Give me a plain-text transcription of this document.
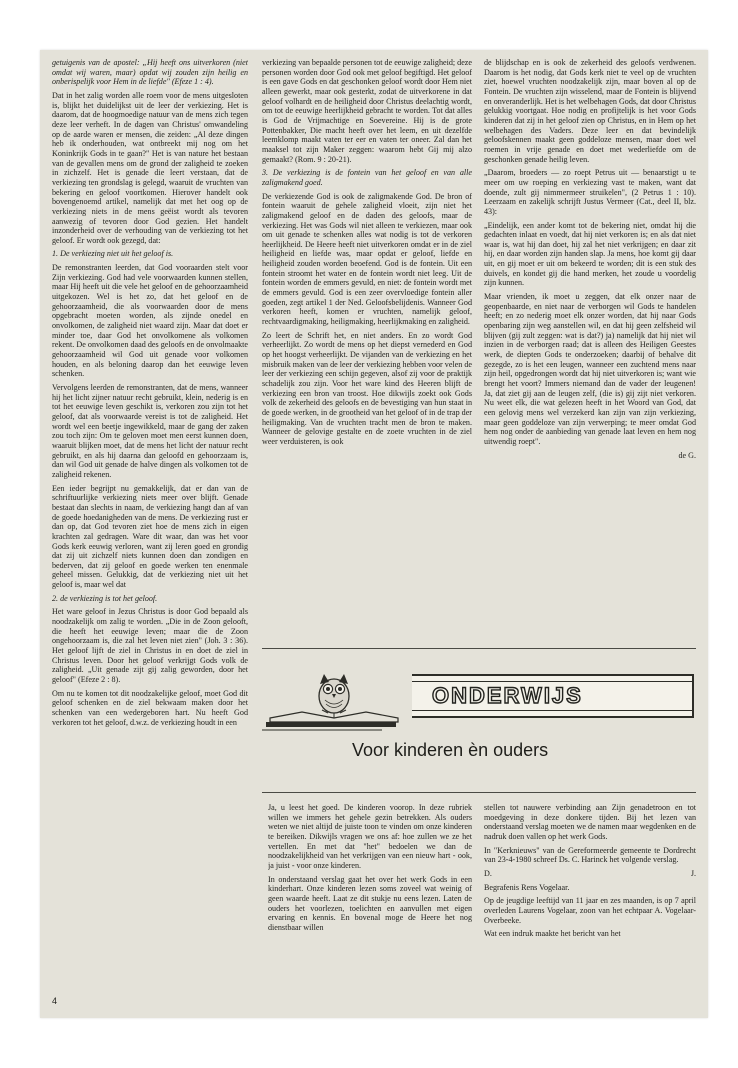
getuigenis van de apostel: „Hij heeft ons uitverkoren (niet omdat wij waren, maar) opdat wij zouden zijn heilig en onberispelijk voor Hem in de liefde" (Efeze 1 : 4).

Dat in het zalig worden alle roem voor de mens uitgesloten is, blijkt het duidelijkst uit de leer der verkiezing. Het is daarom, dat de hoogmoedige natuur van de mens zich tegen deze leer verheft. In de dagen van Christus' omwandeling op de aarde waren er mensen, die zeiden: „Al deze dingen heb ik onderhouden, wat ontbreekt mij nog om het Koninkrijk Gods in te gaan?" Het is van nature het bestaan van de gevallen mens om de grond der zaligheid te zoeken in zichzelf. Het is genade die leert verstaan, dat de verkiezing ten grondslag is gelegd, waaruit de vruchten van bekering en geloof voortkomen. Hierover handelt ook bovengenoemd artikel, namelijk dat met het oog op de verkiezing niets in de mens geëist wordt als tevoren aanwezig of tevoren door God gezien. Het handelt inzonderheid over de verhouding van de verkiezing tot het geloof. Er wordt ook gezegd, dat:

1. De verkiezing niet uit het geloof is.

De remonstranten leerden, dat God vooraarden stelt voor Zijn verkiezing. God had vele voorwaarden kunnen stellen, maar Hij heeft uit die vele het geloof en de gehoorzaamheid uitgekozen. Wel is het zo, dat het geloof en de gehoorzaamheid, die als voorwaarden door de mens opgebracht moeten worden, als zijnde onedel en onvolkomen, de zaligheid niet waard zijn. Maar dat doet er minder toe, daar God het onvolkomene als volkomen rekent. De onvolkomen daad des geloofs en de onvolmaakte gehoorzaamheid wil God uit genade voor volkomen houden, en als beloning daarop dan het eeuwige leven schenken.

Vervolgens leerden de remonstranten, dat de mens, wanneer hij het licht zijner natuur recht gebruikt, klein, nederig is en tot het eeuwige leven geschikt is, verkoren zou zijn tot het geloof, dat als voorwaarde vereist is tot de zaligheid. Het wordt wel een beetje ingewikkeld, maar de gang der zaken zou toch zijn: Om te geloven moet men eerst kunnen doen, waaruit blijken moet, dat de mens het licht der natuur recht gebruikt, en als hij daarna dan geloofd en gehoorzaam is, dan wil God uit genade de halve dingen als volkomen tot de zaligheid rekenen.

Een ieder begrijpt nu gemakkelijk, dat er dan van de schriftuurlijke verkiezing niets meer over blijft. Genade bestaat dan slechts in naam, de verkiezing hangt dan af van de goede hoedanigheden van de mens. De verkiezing rust er dan op, dat God tevoren ziet hoe de mens zich in eigen krachten zal gedragen. Ware dit waar, dan was het voor Gods kerk eeuwig verloren, want zij leren goed en grondig dat zij uit zichzelf niets kunnen doen dan zondigen en bederven, dat zij geloof en goede werken ten enenmale geheel missen. Gelukkig, dat de verkiezing niet uit het geloof is, maar wel dat

2. de verkiezing is tot het geloof.

Het ware geloof in Jezus Christus is door God bepaald als noodzakelijk om zalig te worden. „Die in de Zoon gelooft, die heeft het eeuwige leven; maar die de Zoon ongehoorzaam is, die zal het leven niet zien" (Joh. 3 : 36). Het geloof lijft de ziel in Christus in en doet de ziel in Christus leven. Door het geloof verkrijgt Gods volk de zaligheid. „Uit genade zijt gij zalig geworden, door het geloof" (Efeze 2 : 8).

Om nu te komen tot dit noodzakelijke geloof, moet God dit geloof schenken en de ziel bekwaam maken door het schenken van een wedergeboren hart. Nu heeft God verkoren tot het geloof, d.w.z. de verkiezing houdt in een

verkiezing van bepaalde personen tot de eeuwige zaligheid; deze personen worden door God ook met geloof begiftigd. Het geloof is een gave Gods en dat geschonken geloof wordt door Hem niet alleen gewerkt, maar ook gesterkt, zodat de uitverkorene in dat geloof volhardt en de heiligheid door Christus deelachtig wordt, om tot de eeuwige heerlijkheid gebracht te worden. Tot dat alles is God de Vrijmachtige en Soevereine. Hij is de grote Pottenbakker, Die macht heeft over het leem, en uit dezelfde leemklomp maakt vaten ter eer en vaten ter oneer. Zal dan het maaksel tot zijn Maker zeggen: waarom hebt Gij mij alzo gemaakt? (Rom. 9 : 20-21).

3. De verkiezing is de fontein van het geloof en van alle zaligmakend goed.

De verkiezende God is ook de zaligmakende God. De bron of fontein waaruit de gehele zaligheid vloeit, zijn niet het zaligmakend geloof en de daden des geloofs, maar de verkiezing. Het was Gods wil niet alleen te verkiezen, maar ook om uit genade te schenken alles wat nodig is tot de verkoren heerlijkheid. De Heere heeft niet uitverkoren omdat er in de ziel heiligheid en liefde was, maar opdat er geloof, liefde en heiligheid zouden worden beoefend. God is de fontein. Uit een fontein stroomt het water en de fontein wordt niet leeg. Uit de fontein worden de emmers gevuld, en niet: de fontein wordt met de emmers gevuld. God is een zeer overvloedige fontein aller goeden, zegt artikel 1 der Ned. Geloofsbelijdenis. Wanneer God verkoren heeft, komen er vruchten, namelijk geloof, rechtvaardigmaking, heiligmaking, heerlijkmaking en zaligheid.

Zo leert de Schrift het, en niet anders. En zo wordt God verheerlijkt. Zo wordt de mens op het diepst vernederd en God op het hoogst verheerlijkt. De vijanden van de verkiezing en het misbruik maken van de leer der verkiezing hebben voor velen de leer der verkiezing een schijn gegeven, alsof zij voor de praktijk schadelijk zou zijn. Voor het ware kind des Heeren blijft de verkiezing een bron van troost. Hoe dikwijls zoekt ook Gods volk de zekerheid des geloofs en de bevestiging van hun staat in de goede werken, in de grootheid van het geloof of in de trap der heiligmaking. Van de vruchten tracht men de bron te maken. Wanneer de gelovige gestalte en de zoete vruchten in de ziel weer verduisteren, is ook

de blijdschap en is ook de zekerheid des geloofs verdwenen. Daarom is het nodig, dat Gods kerk niet te veel op de vruchten ziet, hoewel vruchten noodzakelijk zijn, maar boven al op de Fontein. De vruchten zijn wisselend, maar de Fontein is blijvend en onveranderlijk. Het is het welbehagen Gods, dat door Christus gelukkig voortgaat. Hoe nodig en profijtelijk is het voor Gods kinderen dat zij in het geloof zien op Christus, en in Hem op het welbehagen des Vaders. Deze leer en dat bevindelijk geloofskennen maakt geen goddeloze mensen, maar doet wel roemen in vrije genade en doet met wederliefde om de geschonken genade heilig leven.

„Daarom, broeders — zo roept Petrus uit — benaarstigt u te meer om uw roeping en verkiezing vast te maken, want dat doende, zult gij nimmermeer struikelen", (2 Petrus 1 : 10). Leerzaam en zakelijk schrijft Justus Vermeer (Cat., deel II, blz. 43):

„Eindelijk, een ander komt tot de bekering niet, omdat hij die gedachten inlaat en voedt, dat hij niet verkoren is; en als dat niet waar is, wat hij dan doet, hij zal het niet verkrijgen; en daar zit hij, en daar worden zijn handen slap. Ja mens, hoe komt gij daar uit, en gij moet er uit om bekeerd te worden; dit is een stuk des duivels, en kondet gij die hand merken, het zoude u voordelig zijn kunnen.

Maar vrienden, ik moet u zeggen, dat elk onzer naar de geopenbaarde, en niet naar de verborgen wil Gods te handelen heeft; en zo nederig moet elk onzer worden, dat hij naar Gods openbaring zijn weg aanstellen wil, en dat hij geen zelfsheid wil blijven (gij zult zeggen: wat is dat?) ja) namelijk dat hij niet wil inzien in de verborgen raad; dat is alleen des Heiligen Geestes werk, de diepten Gods te onderzoeken; daarbij of behalve dit gezegde, zo is het een leugen, wanneer een zuchtend mens naar zijn heil, opgedrongen wordt dat hij niet uitverkoren is; want wie brengt het voort? Immers niemand dan de vader der leugenen! Ja, dat ziet gij aan de leugen zelf, (die is) gij zijt niet verkoren. Nu weet elk, die wat gelezen heeft in het Woord van God, dat een gelovig mens wel verzekerd kan zijn van zijn verkiezing, maar geen goddeloze van zijn verwerping; te meer omdat God hem nog onder de aanbieding van genade laat leven en hem nog uitwendig roept".

de G.

ONDERWIJS
Voor kinderen èn ouders

Ja, u leest het goed. De kinderen voorop. In deze rubriek willen we immers het gehele gezin betrekken. Als ouders weten we niet altijd de juiste toon te vinden om onze kinderen te bereiken. Dikwijls vragen we ons af: hoe zullen we ze het vertellen. En met dat "het" bedoelen we dan de noodzakelijkheid van het verkrijgen van een nieuw hart - ook, ja juist - voor onze kinderen.

In onderstaand verslag gaat het over het werk Gods in een kinderhart. Onze kinderen lezen soms zoveel wat weinig of geen waarde heeft. Laat ze dit stukje nu eens lezen. Laten de ouders het voorlezen, toelichten en aanvullen met eigen ervaring en kennis. En bovenal moge de Heere het nog dienstbaar willen

stellen tot nauwere verbinding aan Zijn genadetroon en tot moedgeving in deze donkere tijden. Bij het lezen van onderstaand verslag moeten we de namen maar wegdenken en de nadruk doen vallen op het werk Gods.

In "Kerknieuws" van de Gereformeerde gemeente te Dordrecht van 23-4-1980 schreef Ds. C. Harinck het volgende verslag.

D.	J.

Begrafenis Rens Vogelaar.

Op de jeugdige leeftijd van 11 jaar en zes maanden, is op 7 april overleden Laurens Vogelaar, zoon van het echtpaar A. Vogelaar-Overbeeke.

Wat een indruk maakte het bericht van het

4
